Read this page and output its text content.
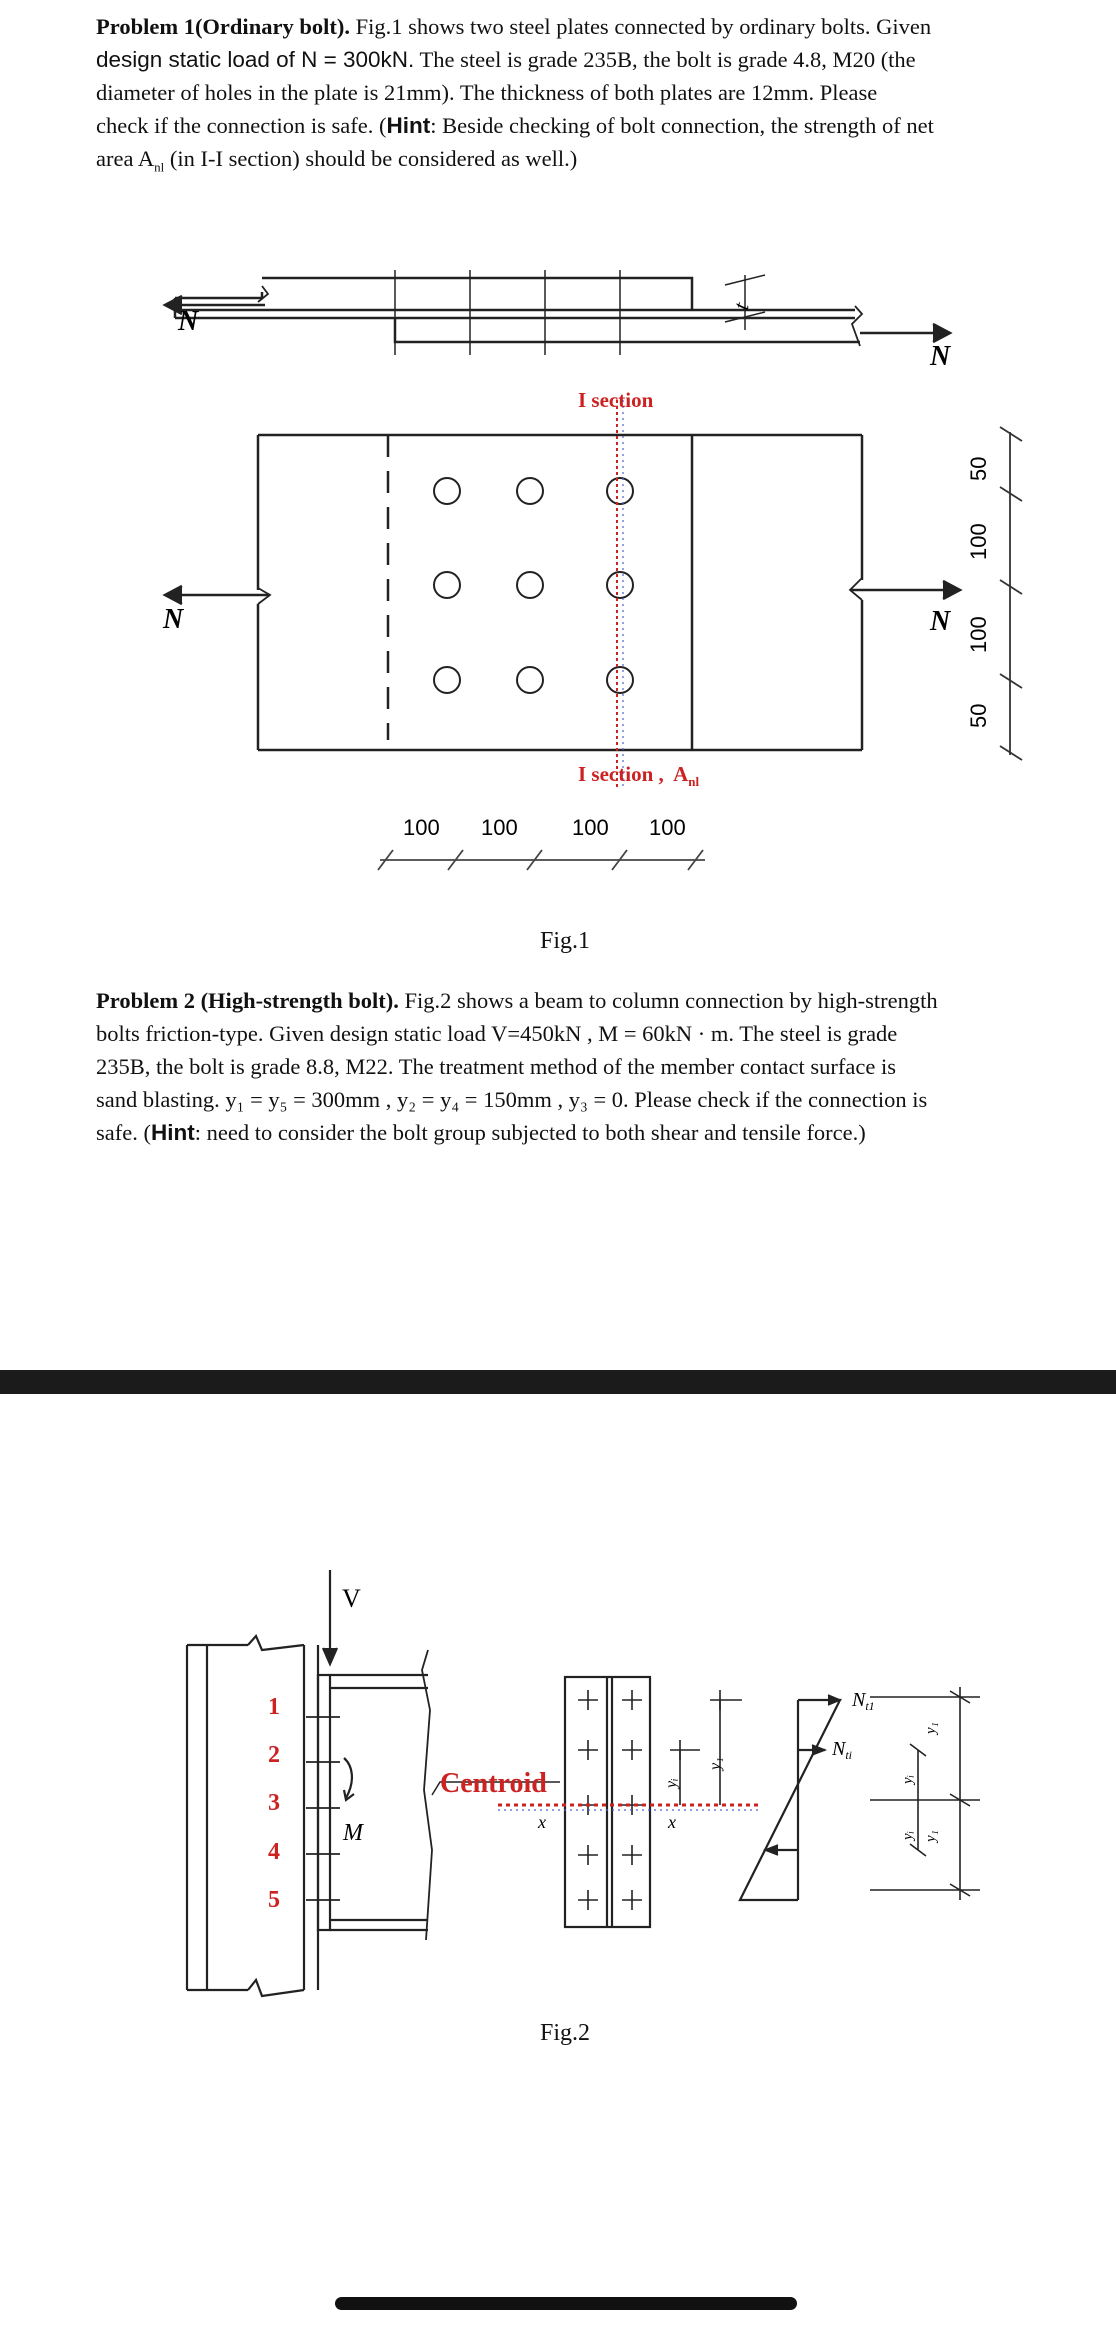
Problem 1(Ordinary bolt). Fig.1 shows two steel plates connected by ordinary bolts. Given
design static load of N = 300kN. The steel is grade 235B, the bolt is grade 4.8, M20 (the
diameter of holes in the plate is 21mm). The thickness of both plates are 12mm. Please
check if the connection is safe. (Hint: Beside checking of bolt connection, the strength of net
area $A_{nl}$ (in I-I section) should be considered as well.)
N
N
N	N
t
I section
I section ,  $A_{nl}$
50
100
100
50
100 100 100 100
Fig.1
Problem 2 (High-strength bolt). Fig.2 shows a beam to column connection by high-strength
bolts friction-type. Given design static load V=450kN , M = 60kN · m. The steel is grade
235B, the bolt is grade 8.8, M22. The treatment method of the member contact surface is
sand blasting. y₁ = y₅ = 300mm , y₂ = y₄ = 150mm , y₃ = 0. Please check if the connection is
safe. (Hint: need to consider the bolt group subjected to both shear and tensile force.)
V
M
Centroid
1
2
3
4
5
x	x
y₁
yᵢ	yᵢ
y₁
yᵢ y₁
$N_{t1}$
$N_{ti}$
Fig.2
